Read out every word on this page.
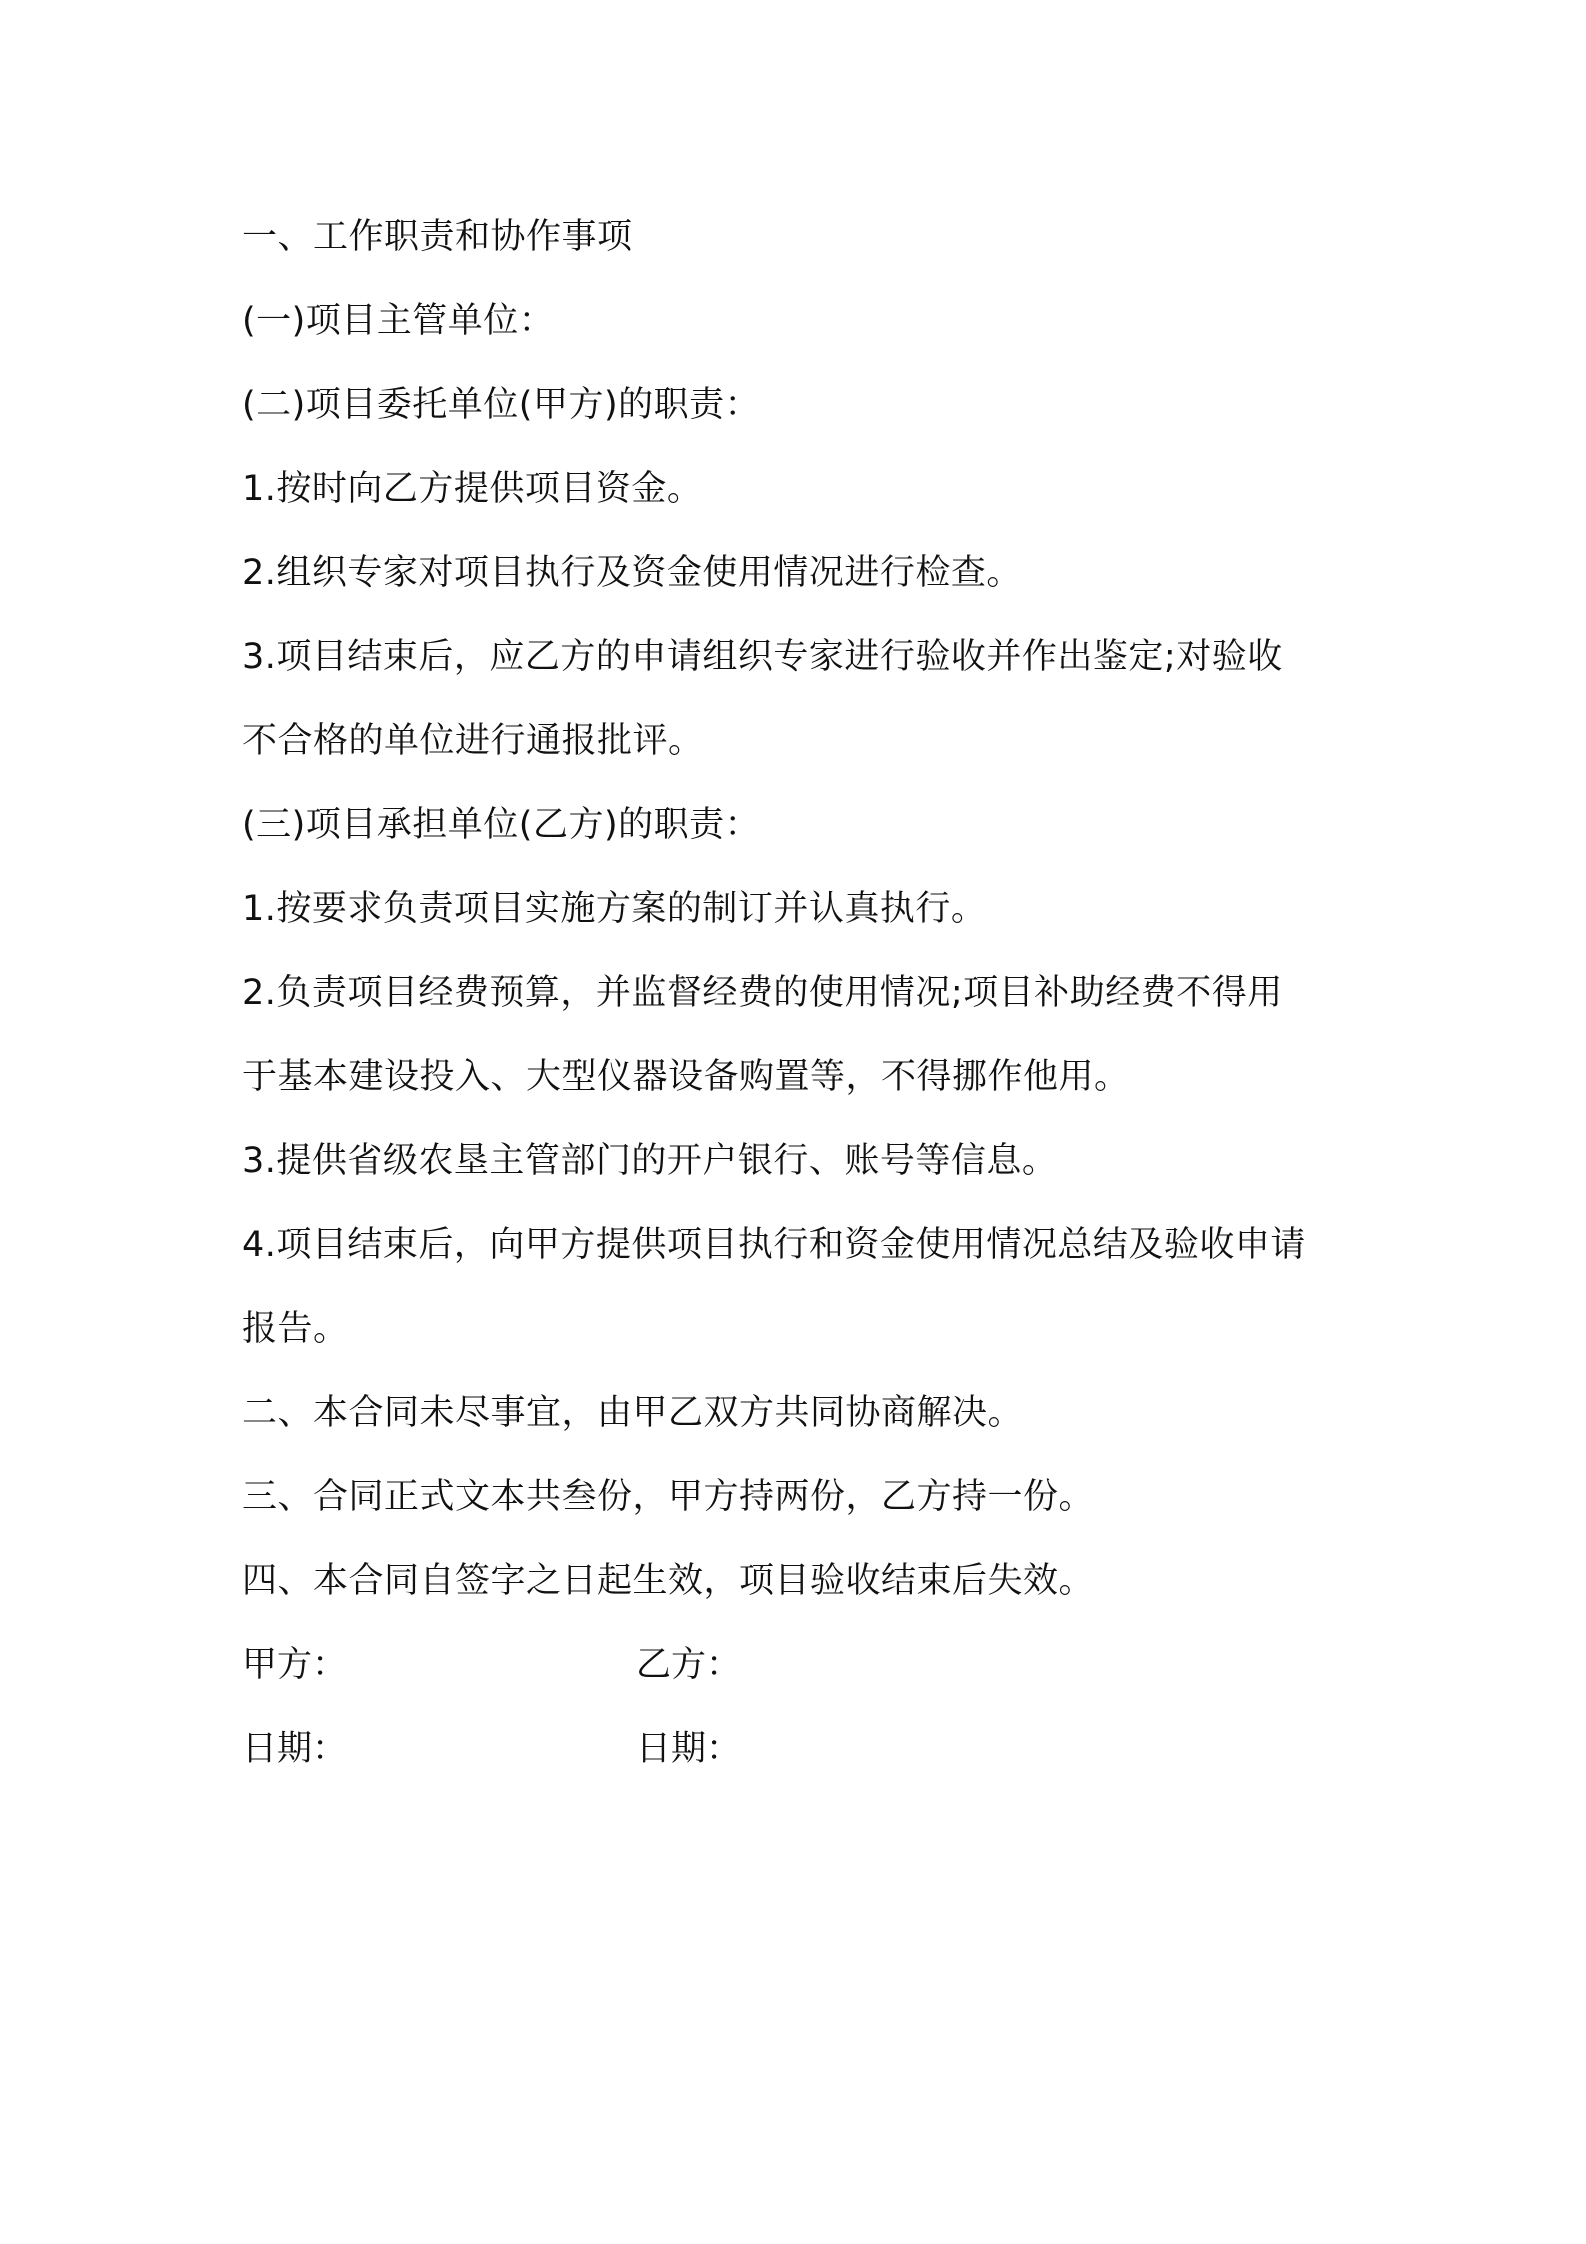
一、工作职责和协作事项
(一)项目主管单位：
(二)项目委托单位(甲方)的职责：
1.按时向乙方提供项目资金。
2.组织专家对项目执行及资金使用情况进行检查。
3.项目结束后，应乙方的申请组织专家进行验收并作出鉴定;对验收
不合格的单位进行通报批评。
(三)项目承担单位(乙方)的职责：
1.按要求负责项目实施方案的制订并认真执行。
2.负责项目经费预算，并监督经费的使用情况;项目补助经费不得用
于基本建设投入、大型仪器设备购置等，不得挪作他用。
3.提供省级农垦主管部门的开户银行、账号等信息。
4.项目结束后，向甲方提供项目执行和资金使用情况总结及验收申请
报告。
二、本合同未尽事宜，由甲乙双方共同协商解决。
三、合同正式文本共叁份，甲方持两份，乙方持一份。
四、本合同自签字之日起生效，项目验收结束后失效。
甲方：	乙方：
日期：	日期：
